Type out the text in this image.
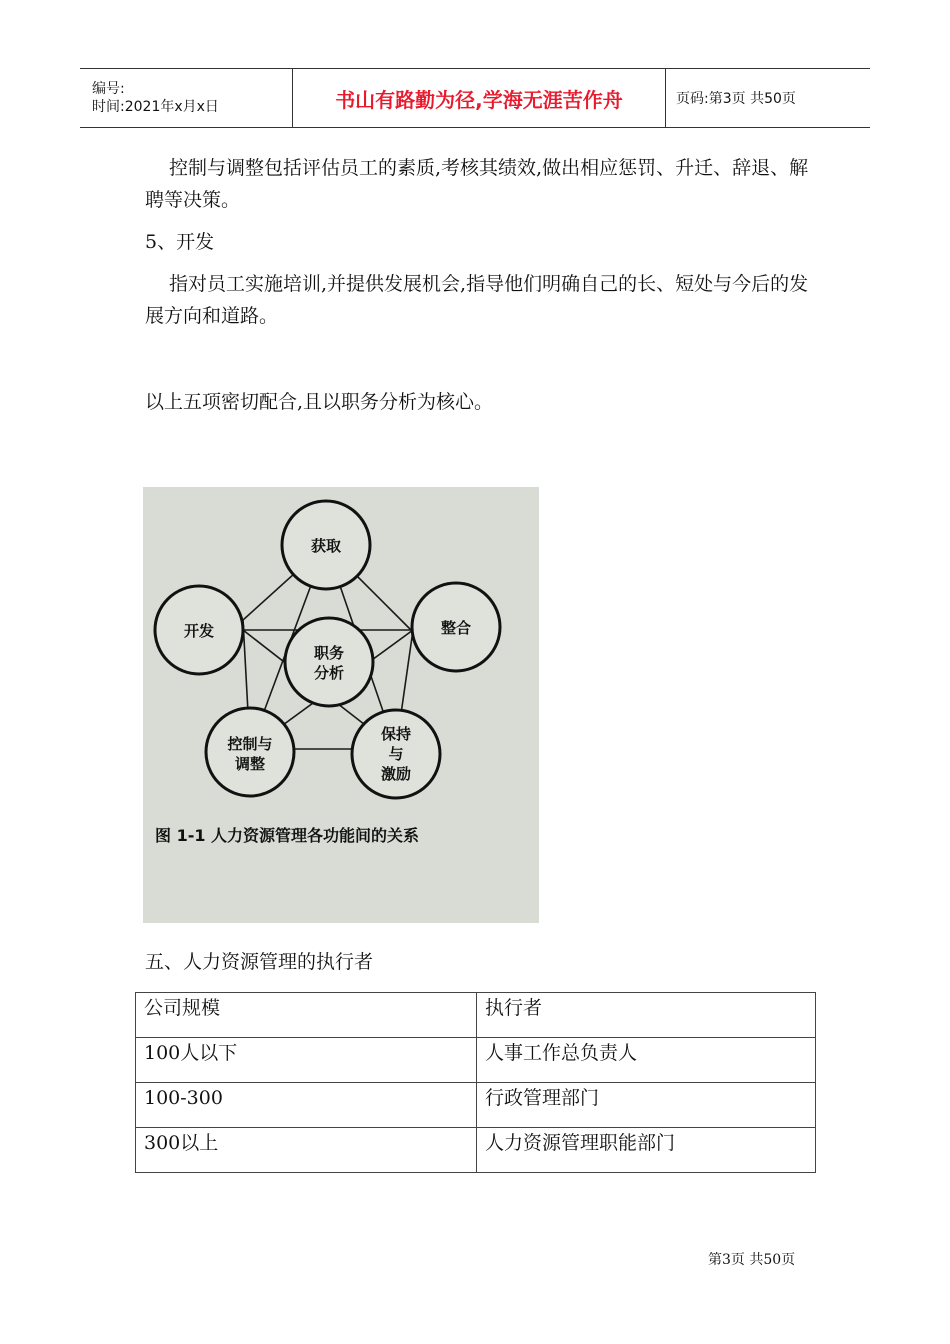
编号:
时间:2021年x月x日	书山有路勤为径,学海无涯苦作舟	页码:第3页 共50页

控制与调整包括评估员工的素质,考核其绩效,做出相应惩罚、升迁、辞退、解聘等决策。

5、开发

指对员工实施培训,并提供发展机会,指导他们明确自己的长、短处与今后的发展方向和道路。

以上五项密切配合,且以职务分析为核心。

获取
开发	整合
职务
分析
控制与
调整
保持
与
激励
图 1-1 人力资源管理各功能间的关系

五、人力资源管理的执行者

公司规模	执行者
100人以下	人事工作总负责人
100-300	行政管理部门
300以上	人力资源管理职能部门
第3页 共50页
